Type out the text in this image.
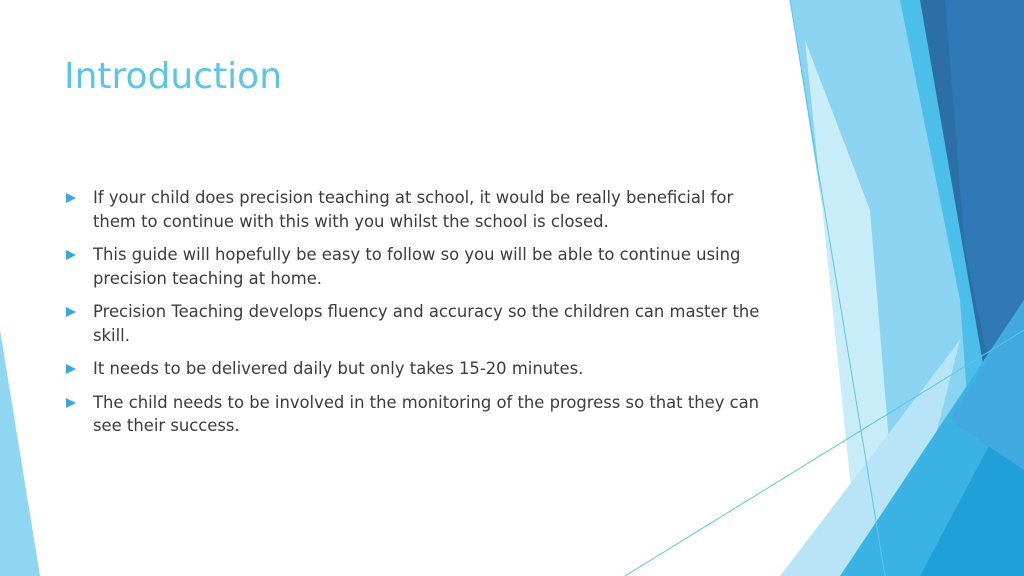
Introduction
If your child does precision teaching at school, it would be really beneficial for them to continue with this with you whilst the school is closed.
This guide will hopefully be easy to follow so you will be able to continue using precision teaching at home.
Precision Teaching develops fluency and accuracy so the children can master the skill.
It needs to be delivered daily but only takes 15-20 minutes.
The child needs to be involved in the monitoring of the progress so that they can see their success.
